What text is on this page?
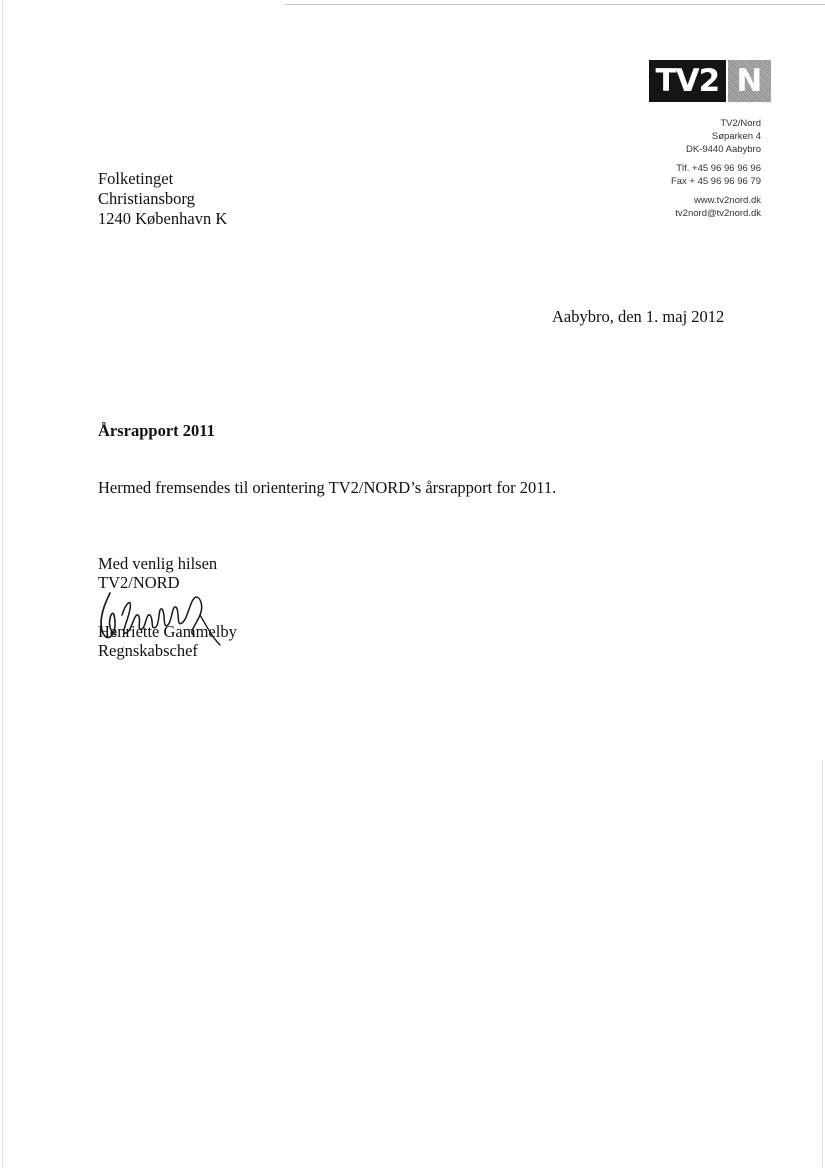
TV2 N
TV2/Nord
Søparken 4
DK-9440 Aabybro
Tlf. +45 96 96 96 96
Fax + 45 96 96 96 79
www.tv2nord.dk
tv2nord@tv2nord.dk
Folketinget
Christiansborg
1240 København K
Aabybro, den 1. maj 2012
Årsrapport 2011
Hermed fremsendes til orientering TV2/NORD’s årsrapport for 2011.
Med venlig hilsen
TV2/NORD
Henriette Gammelby
Regnskabschef
